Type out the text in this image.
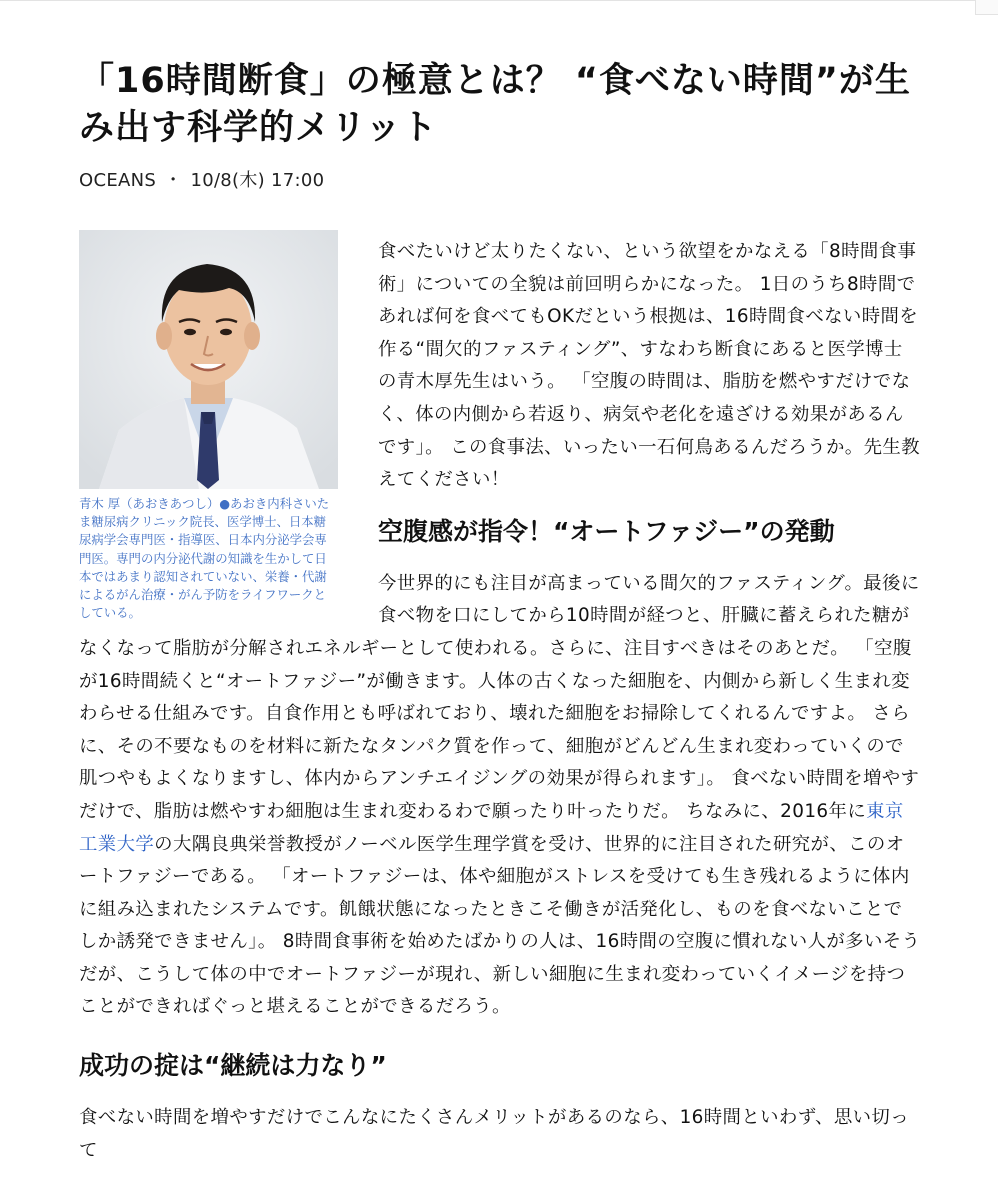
「16時間断食」の極意とは？ “食べない時間”が生み出す科学的メリット
OCEANS ・ 10/8(木) 17:00
青木 厚（あおきあつし）●あおき内科さいたま糖尿病クリニック院長、医学博士、日本糖尿病学会専門医・指導医、日本内分泌学会専門医。専門の内分泌代謝の知識を生かして日本ではあまり認知されていない、栄養・代謝によるがん治療・がん予防をライフワークとしている。

食べたいけど太りたくない、という欲望をかなえる「8時間食事術」についての全貌は前回明らかになった。 1日のうち8時間であれば何を食べてもOKだという根拠は、16時間食べない時間を作る“間欠的ファスティング”、すなわち断食にあると医学博士の青木厚先生はいう。 「空腹の時間は、脂肪を燃やすだけでなく、体の内側から若返り、病気や老化を遠ざける効果があるんです」。 この食事法、いったい一石何鳥あるんだろうか。先生教えてください！

空腹感が指令！“オートファジー”の発動

今世界的にも注目が高まっている間欠的ファスティング。最後に食べ物を口にしてから10時間が経つと、肝臓に蓄えられた糖がなくなって脂肪が分解されエネルギーとして使われる。さらに、注目すべきはそのあとだ。 「空腹が16時間続くと“オートファジー”が働きます。人体の古くなった細胞を、内側から新しく生まれ変わらせる仕組みです。自食作用とも呼ばれており、壊れた細胞をお掃除してくれるんですよ。 さらに、その不要なものを材料に新たなタンパク質を作って、細胞がどんどん生まれ変わっていくので肌つやもよくなりますし、体内からアンチエイジングの効果が得られます」。 食べない時間を増やすだけで、脂肪は燃やすわ細胞は生まれ変わるわで願ったり叶ったりだ。 ちなみに、2016年に東京工業大学の大隅良典栄誉教授がノーベル医学生理学賞を受け、世界的に注目された研究が、このオートファジーである。 「オートファジーは、体や細胞がストレスを受けても生き残れるように体内に組み込まれたシステムです。飢餓状態になったときこそ働きが活発化し、ものを食べないことでしか誘発できません」。 8時間食事術を始めたばかりの人は、16時間の空腹に慣れない人が多いそうだが、こうして体の中でオートファジーが現れ、新しい細胞に生まれ変わっていくイメージを持つことができればぐっと堪えることができるだろう。

成功の掟は“継続は力なり”

食べない時間を増やすだけでこんなにたくさんメリットがあるのなら、16時間といわず、思い切って
